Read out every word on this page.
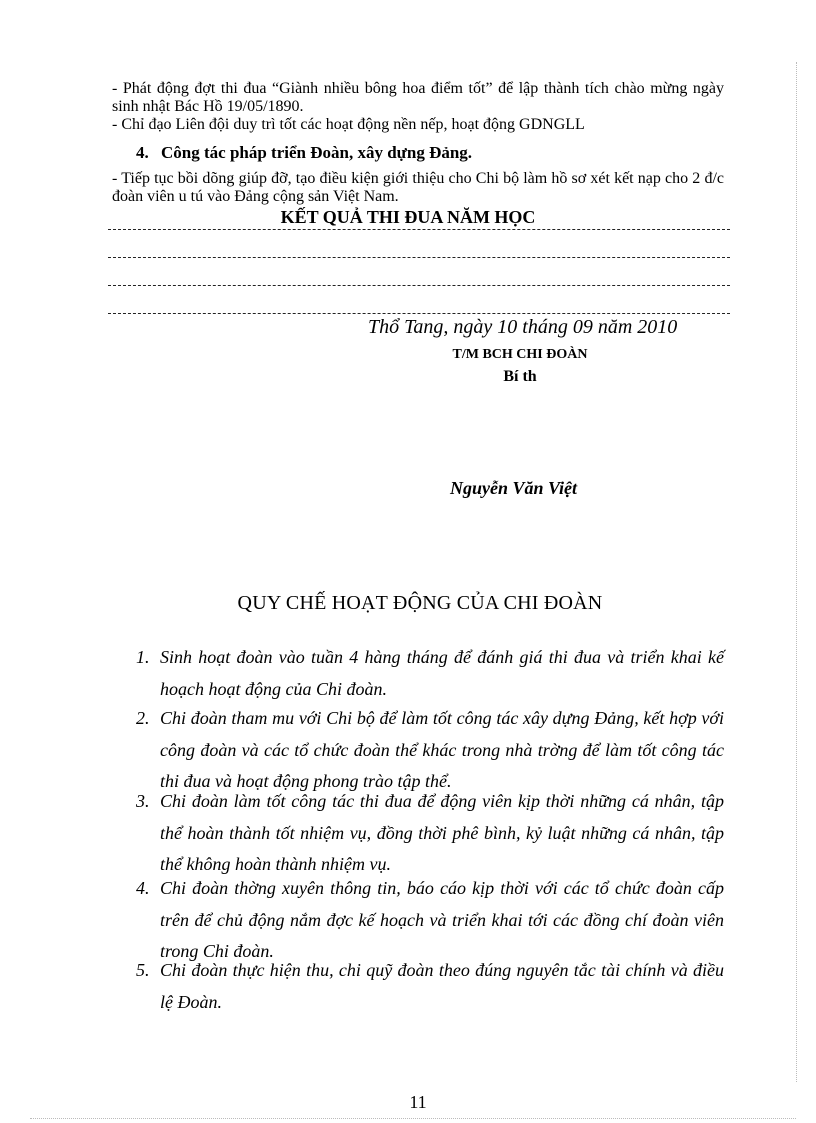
- Phát động đợt thi đua “Giành nhiều bông hoa điểm tốt” để lập thành tích chào mừng ngày sinh nhật Bác Hồ 19/05/1890.
- Chỉ đạo Liên đội duy trì tốt các hoạt động nền nếp, hoạt động GDNGLL
4. Công tác pháp triển Đoàn, xây dựng Đảng.
- Tiếp tục bồi dõng giúp đỡ, tạo điều kiện giới thiệu cho Chi bộ làm hồ sơ xét kết nạp cho 2 đ/c đoàn viên u tú vào Đảng cộng sản Việt Nam.
KẾT QUẢ THI ĐUA NĂM HỌC
Thổ Tang, ngày 10 tháng 09 năm 2010
T/M BCH CHI ĐOÀN
Bí th
Nguyễn Văn Việt
QUY CHẾ HOẠT ĐỘNG CỦA CHI ĐOÀN
1. Sinh hoạt đoàn vào tuần 4 hàng tháng để đánh giá thi đua và triển khai kế hoạch hoạt động của Chi đoàn.
2. Chi đoàn tham mu với Chi bộ để làm tốt công tác xây dựng Đảng, kết hợp với công đoàn và các tổ chức đoàn thể khác trong nhà trờng để làm tốt công tác thi đua và hoạt động phong trào tập thể.
3. Chi đoàn làm tốt công tác thi đua để động viên kịp thời những cá nhân, tập thể hoàn thành tốt nhiệm vụ, đồng thời phê bình, kỷ luật những cá nhân, tập thể không hoàn thành nhiệm vụ.
4. Chi đoàn thờng xuyên thông tin, báo cáo kịp thời với các tổ chức đoàn cấp trên để chủ động nắm đợc kế hoạch và triển khai tới các đồng chí đoàn viên trong Chi đoàn.
5. Chi đoàn thực hiện thu, chi quỹ đoàn theo đúng nguyên tắc tài chính và điều lệ Đoàn.
11
